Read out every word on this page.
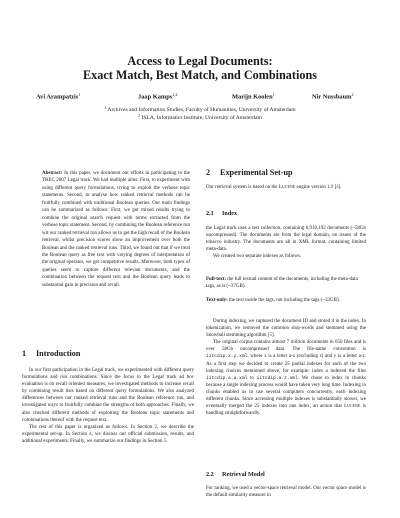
Access to Legal Documents:
Exact Match, Best Match, and Combinations
Avi Arampatzis$^1$	Jaap Kamps$^{1,2}$	Marijn Koolen$^1$	Nir Nussbaum$^2$
$^1$ Archives and Information Studies, Faculty of Humanities, University of Amsterdam
$^2$ ISLA, Informatics Institute, University of Amsterdam
Abstract: In this paper, we document our efforts in participating to the TREC 2007 Legal track. We had multiple aims: First, to experiment with using different query formulations, trying to exploit the verbose topic statements. Second, to analyse how ranked retrieval methods can be fruitfully combined with traditional Boolean queries. Our main findings can be summarized as follows: First, we got mixed results trying to combine the original search request with terms extracted from the verbose topic statement. Second, by combining the Boolean reference run wit our ranked retrieval run allows us to get the high recall of the Boolean retrieval, whilst precision scores show an improvement over both the Boolean and the ranked retrieval runs. Third, we found out that if we treat the Boolean query as free text with varying degrees of interpretation of the original operator, we get competitive results. Moreover, both types of queries seem to capture different relevant documents, and the combination between the request text and the Boolean query leads to substantial gain in precision and recall.
1 Introduction

In our first participation in the Legal track, we experimented with different query formulations and run combinations. Since the focus in the Legal track ad hoc evaluation is on recall oriented measures, we investigated methods to increase recall by combining result lists based on different query formulations. We also analyzed differences between our ranked retrieval runs and the Boolean reference run, and investigated ways to fruitfully combine the strengths of both approaches. Finally, we also checked different methods of exploiting the Boolean topic statements and combinations thereof with the request text.

The rest of this paper is organized as follows. In Section 2, we describe the experimental set-up. In Section 4, we discuss our official submission, results, and additional experiments. Finally, we summarize our findings in Section 5.

2 Experimental Set-up

Our retrieval system is based on the Lucene engine version 1.9 [4].

2.1 Index

the Legal track uses a test collection, containing 6,910,192 documents (~58Gb uncompressed). The documents are from the legal domain, on issues of the tobacco industry. The documents are all in XML format, containing limited meta-data.

We created two separate indexes as follows.

Full-text: the full textual content of the documents, including the meta-data tags, as is (~37GB).
Text-only: the text inside the tags, not including the tags (~33GB).

During indexing, we captured the document ID and stored it in the index. In tokenization, we removed the common stop-words and stemmed using the Snowball stemming algorithm [5].

The original corpus contains almost 7 million documents in 650 files and is over 58Gb uncompressed data. The file-name convention is iitcdip.x.y.xml, where x is a letter a-z (excluding s) and y is a letter a-z. As a first step we decided to create 25 partial indexes for each of the two indexing choices mentioned above, for example: index a indexed the files iitcdip.a.a.xml to iitcdip.a.z.xml. We chose to index in chunks because a single indexing process would have taken very long time. Indexing in chunks enabled us to use several computers concurrently, each indexing different chunks. Since accessing multiple indexes is substantially slower, we eventually merged the 25 indexes into one index, an action that Lucene is handling straightforwardly.

2.2 Retrieval Model

For ranking, we used a vector-space retrieval model. Our vector space model is the default similarity measure in
